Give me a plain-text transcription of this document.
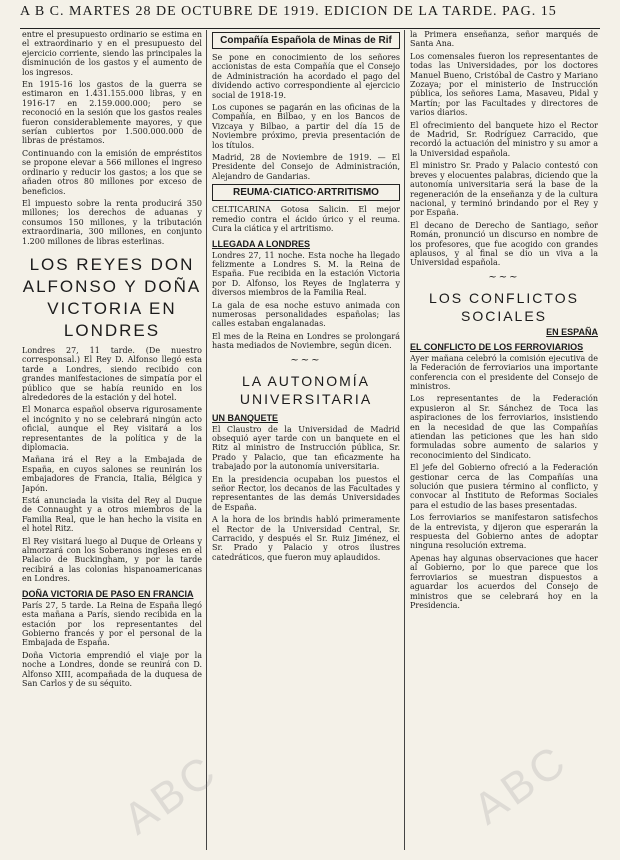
A B C. MARTES 28 DE OCTUBRE DE 1919. EDICION DE LA TARDE. PAG. 15

entre el presupuesto ordinario se estima en el extraordinario y en el presupuesto del ejercicio corriente, siendo las principales la disminución de los gastos y el aumento de los ingresos.

En 1915-16 los gastos de la guerra se estimaron en 1.431.155.000 libras, y en 1916-17 en 2.159.000.000; pero se reconoció en la sesión que los gastos reales fueron considerablemente mayores, y que serían cubiertos por 1.500.000.000 de libras de préstamos.

Continuando con la emisión de empréstitos se propone elevar a 566 millones el ingreso ordinario y reducir los gastos; a los que se añaden otros 80 millones por exceso de beneficios.

El impuesto sobre la renta producirá 350 millones; los derechos de aduanas y consumos 150 millones, y la tributación extraordinaria, 300 millones, en conjunto 1.200 millones de libras esterlinas.

LOS REYES DON ALFONSO Y DOÑA VICTORIA EN LONDRES

Londres 27, 11 tarde. (De nuestro corresponsal.) El Rey D. Alfonso llegó esta tarde a Londres, siendo recibido con grandes manifestaciones de simpatía por el público que se había reunido en los alrededores de la estación y del hotel.

El Monarca español observa rigurosamente el incógnito y no se celebrará ningún acto oficial, aunque el Rey visitará a los representantes de la política y de la diplomacia.

Mañana irá el Rey a la Embajada de España, en cuyos salones se reunirán los embajadores de Francia, Italia, Bélgica y Japón.

Está anunciada la visita del Rey al Duque de Connaught y a otros miembros de la Familia Real, que le han hecho la visita en el hotel Ritz.

El Rey visitará luego al Duque de Orleans y almorzará con los Soberanos ingleses en el Palacio de Buckingham, y por la tarde recibirá a las colonias hispanoamericanas en Londres.

DOÑA VICTORIA DE PASO EN FRANCIA

París 27, 5 tarde. La Reina de España llegó esta mañana a París, siendo recibida en la estación por los representantes del Gobierno francés y por el personal de la Embajada de España.

Doña Victoria emprendió el viaje por la noche a Londres, donde se reunirá con D. Alfonso XIII, acompañada de la duquesa de San Carlos y de su séquito.

Compañía Española de Minas de Rif

Se pone en conocimiento de los señores accionistas de esta Compañía que el Consejo de Administración ha acordado el pago del dividendo activo correspondiente al ejercicio social de 1918-19.

Los cupones se pagarán en las oficinas de la Compañía, en Bilbao, y en los Bancos de Vizcaya y Bilbao, a partir del día 15 de Noviembre próximo, previa presentación de los títulos.

Madrid, 28 de Noviembre de 1919. — El Presidente del Consejo de Administración, Alejandro de Gandarias.

REUMA·CIATICO·ARTRITISMO

CELTICARINA Gotosa Salicin. El mejor remedio contra el ácido úrico y el reuma. Cura la ciática y el artritismo.

LLEGADA A LONDRES

Londres 27, 11 noche. Esta noche ha llegado felizmente a Londres S. M. la Reina de España. Fue recibida en la estación Victoria por D. Alfonso, los Reyes de Inglaterra y diversos miembros de la Familia Real.

La gala de esa noche estuvo animada con numerosas personalidades españolas; las calles estaban engalanadas.

El mes de la Reina en Londres se prolongará hasta mediados de Noviembre, según dicen.

~~~
LA AUTONOMÍA UNIVERSITARIA
UN BANQUETE

El Claustro de la Universidad de Madrid obsequió ayer tarde con un banquete en el Ritz al ministro de Instrucción pública, Sr. Prado y Palacio, que tan eficazmente ha trabajado por la autonomía universitaria.

En la presidencia ocupaban los puestos el señor Rector, los decanos de las Facultades y representantes de las demás Universidades de España.

A la hora de los brindis habló primeramente el Rector de la Universidad Central, Sr. Carracido, y después el Sr. Ruiz Jiménez, el Sr. Prado y Palacio y otros ilustres catedráticos, que fueron muy aplaudidos.

la Primera enseñanza, señor marqués de Santa Ana.

Los comensales fueron los representantes de todas las Universidades, por los doctores Manuel Bueno, Cristóbal de Castro y Mariano Zozaya; por el ministerio de Instrucción pública, los señores Lama, Masaveu, Pidal y Martín; por las Facultades y directores de varios diarios.

El ofrecimiento del banquete hizo el Rector de Madrid, Sr. Rodríguez Carracido, que recordó la actuación del ministro y su amor a la Universidad española.

El ministro Sr. Prado y Palacio contestó con breves y elocuentes palabras, diciendo que la autonomía universitaria será la base de la regeneración de la enseñanza y de la cultura nacional, y terminó brindando por el Rey y por España.

El decano de Derecho de Santiago, señor Román, pronunció un discurso en nombre de los profesores, que fue acogido con grandes aplausos, y al final se dio un viva a la Universidad española.

~~~
LOS CONFLICTOS SOCIALES
EN ESPAÑA
EL CONFLICTO DE LOS FERROVIARIOS

Ayer mañana celebró la comisión ejecutiva de la Federación de ferroviarios una importante conferencia con el presidente del Consejo de ministros.

Los representantes de la Federación expusieron al Sr. Sánchez de Toca las aspiraciones de los ferroviarios, insistiendo en la necesidad de que las Compañías atiendan las peticiones que les han sido formuladas sobre aumento de salarios y reconocimiento del Sindicato.

El jefe del Gobierno ofreció a la Federación gestionar cerca de las Compañías una solución que pusiera término al conflicto, y convocar al Instituto de Reformas Sociales para el estudio de las bases presentadas.

Los ferroviarios se manifestaron satisfechos de la entrevista, y dijeron que esperarán la respuesta del Gobierno antes de adoptar ninguna resolución extrema.

Apenas hay algunas observaciones que hacer al Gobierno, por lo que parece que los ferroviarios se muestran dispuestos a aguardar los acuerdos del Consejo de ministros que se celebrará hoy en la Presidencia.

ABC	ABC
